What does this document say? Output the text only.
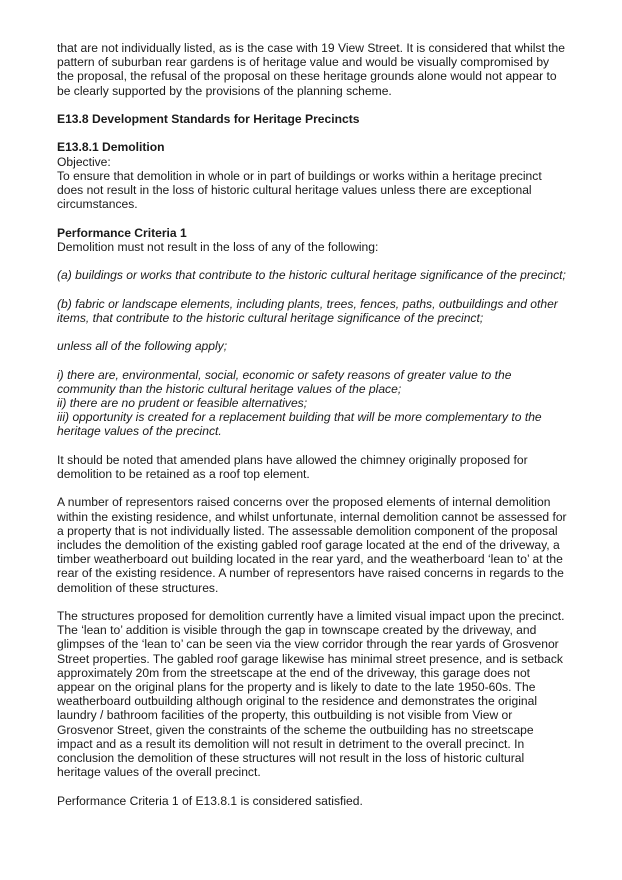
that are not individually listed, as is the case with 19 View Street. It is considered that whilst the pattern of suburban rear gardens is of heritage value and would be visually compromised by the proposal, the refusal of the proposal on these heritage grounds alone would not appear to be clearly supported by the provisions of the planning scheme.

E13.8 Development Standards for Heritage Precincts

E13.8.1 Demolition
Objective:
To ensure that demolition in whole or in part of buildings or works within a heritage precinct does not result in the loss of historic cultural heritage values unless there are exceptional circumstances.
Performance Criteria 1
Demolition must not result in the loss of any of the following:

(a) buildings or works that contribute to the historic cultural heritage significance of the precinct;

(b) fabric or landscape elements, including plants, trees, fences, paths, outbuildings and other items, that contribute to the historic cultural heritage significance of the precinct;

unless all of the following apply;

i) there are, environmental, social, economic or safety reasons of greater value to the community than the historic cultural heritage values of the place;
ii) there are no prudent or feasible alternatives;
iii) opportunity is created for a replacement building that will be more complementary to the heritage values of the precinct.

It should be noted that amended plans have allowed the chimney originally proposed for demolition to be retained as a roof top element.

A number of representors raised concerns over the proposed elements of internal demolition within the existing residence, and whilst unfortunate, internal demolition cannot be assessed for a property that is not individually listed. The assessable demolition component of the proposal includes the demolition of the existing gabled roof garage located at the end of the driveway, a timber weatherboard out building located in the rear yard, and the weatherboard ‘lean to’ at the rear of the existing residence. A number of representors have raised concerns in regards to the demolition of these structures.

The structures proposed for demolition currently have a limited visual impact upon the precinct. The ‘lean to’ addition is visible through the gap in townscape created by the driveway, and glimpses of the ‘lean to’ can be seen via the view corridor through the rear yards of Grosvenor Street properties. The gabled roof garage likewise has minimal street presence, and is setback approximately 20m from the streetscape at the end of the driveway, this garage does not appear on the original plans for the property and is likely to date to the late 1950-60s. The weatherboard outbuilding although original to the residence and demonstrates the original laundry / bathroom facilities of the property, this outbuilding is not visible from View or Grosvenor Street, given the constraints of the scheme the outbuilding has no streetscape impact and as a result its demolition will not result in detriment to the overall precinct. In conclusion the demolition of these structures will not result in the loss of historic cultural heritage values of the overall precinct.

Performance Criteria 1 of E13.8.1 is considered satisfied.
